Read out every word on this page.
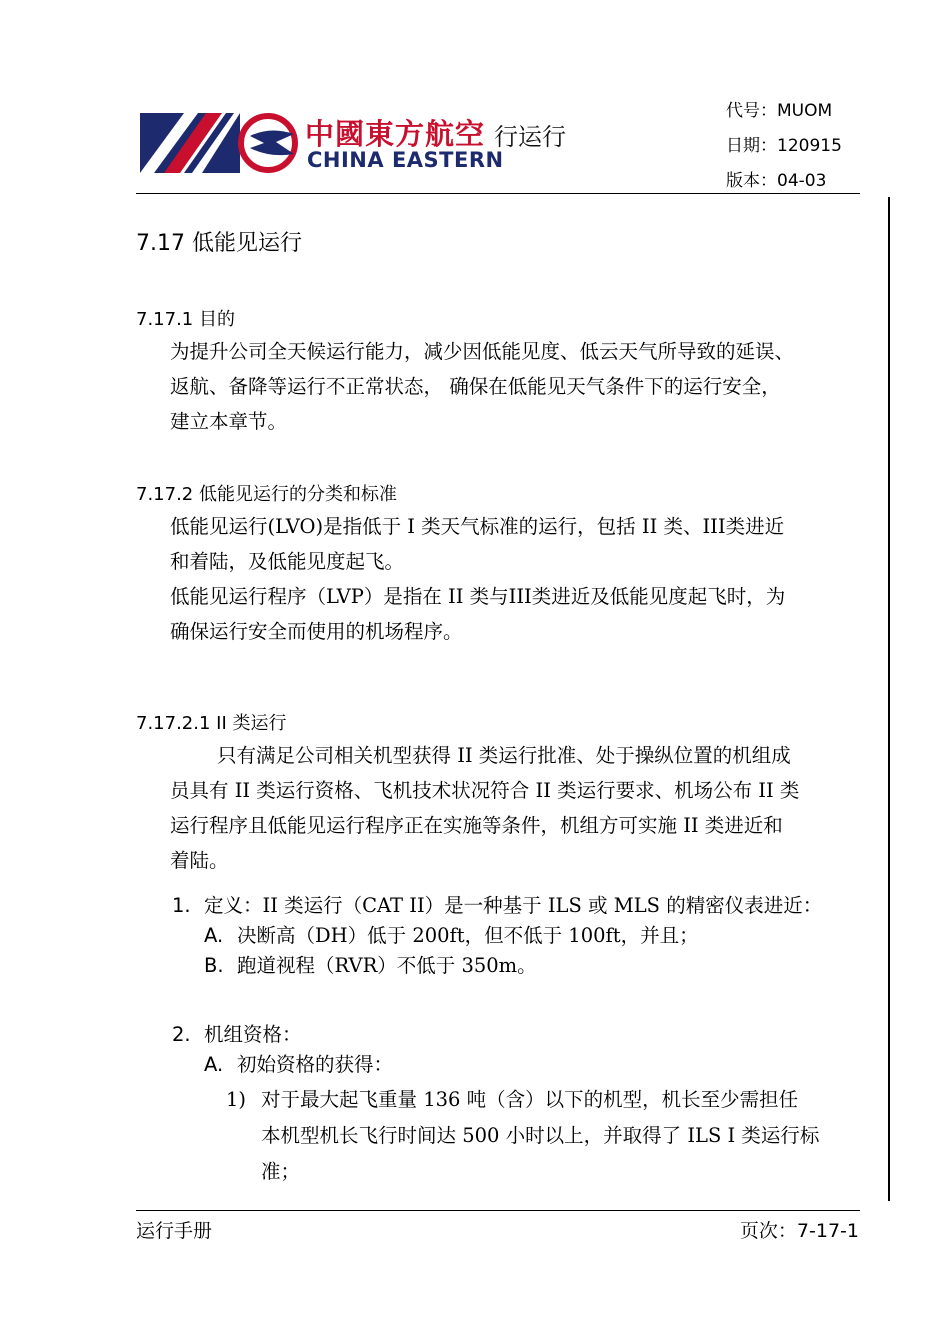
中國東方航空
CHINA EASTERN
行运行
代号：MUOM
日期：120915
版本：04-03
7.17 低能见运行
7.17.1 目的
为提升公司全天候运行能力，减少因低能见度、低云天气所导致的延误、
返航、备降等运行不正常状态， 确保在低能见天气条件下的运行安全，
建立本章节。
7.17.2 低能见运行的分类和标准
低能见运行(LVO)是指低于 I 类天气标准的运行，包括 II 类、III类进近
和着陆，及低能见度起飞。
低能见运行程序（LVP）是指在 II 类与III类进近及低能见度起飞时，为
确保运行安全而使用的机场程序。
7.17.2.1 II 类运行
只有满足公司相关机型获得 II 类运行批准、处于操纵位置的机组成
员具有 II 类运行资格、飞机技术状况符合 II 类运行要求、机场公布 II 类
运行程序且低能见运行程序正在实施等条件，机组方可实施 II 类进近和
着陆。
1. 定义：II 类运行（CAT II）是一种基于 ILS 或 MLS 的精密仪表进近：
A. 决断高（DH）低于 200ft，但不低于 100ft，并且；
B. 跑道视程（RVR）不低于 350m。
2. 机组资格：
A. 初始资格的获得：
1) 对于最大起飞重量 136 吨（含）以下的机型，机长至少需担任
本机型机长飞行时间达 500 小时以上，并取得了 ILS I 类运行标
准；
运行手册	页次：7-17-1
